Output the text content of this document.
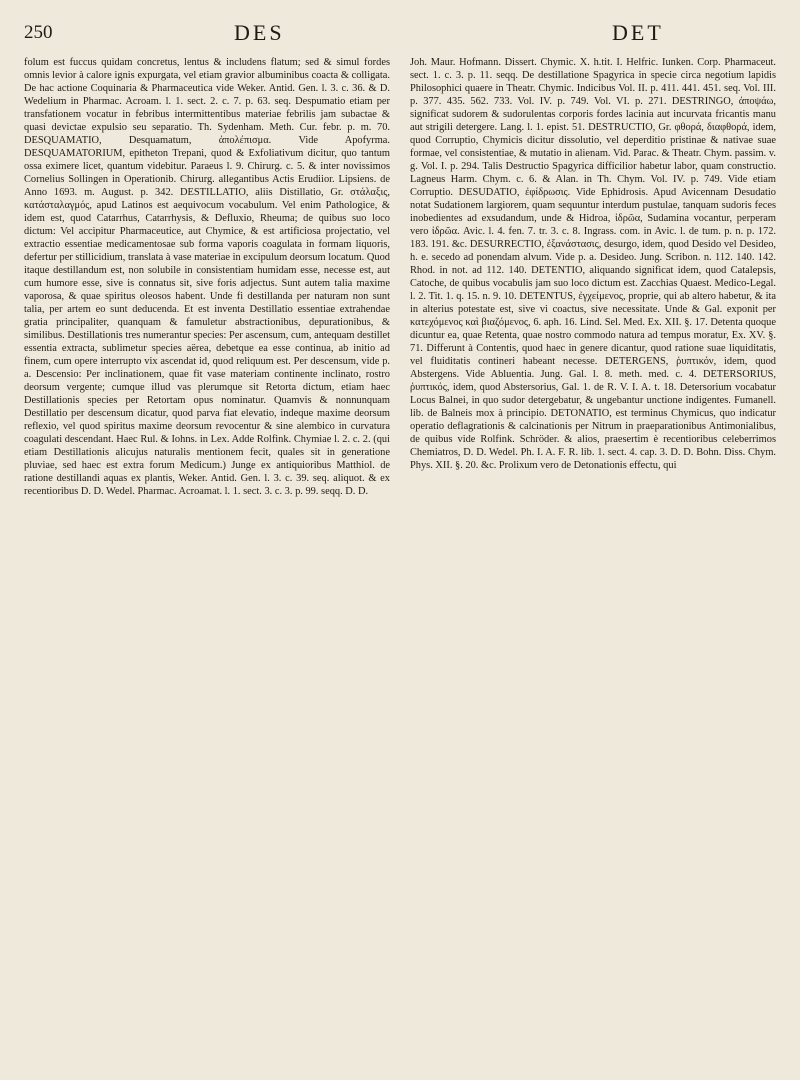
250	DES	DET

folum est fuccus quidam concretus, lentus & includens flatum; sed & simul fordes omnis levior à calore ignis expurgata, vel etiam gravior albuminibus coacta & colligata. De hac actione Coquinaria & Pharmaceutica vide Weker. Antid. Gen. l. 3. c. 36. & D. Wedelium in Pharmac. Acroam. l. 1. sect. 2. c. 7. p. 63. seq. Despumatio etiam per transfationem vocatur in febribus intermittentibus materiae febrilis jam subactae & quasi devictae expulsio seu separatio. Th. Sydenham. Meth. Cur. febr. p. m. 70. DESQUAMATIO, Desquamatum, ἀπολέπισμα. Vide Apofyrma. DESQUAMATORIUM, epitheton Trepani, quod & Exfoliativum dicitur, quo tantum ossa eximere licet, quantum videbitur. Paraeus l. 9. Chirurg. c. 5. & inter novissimos Cornelius Sollingen in Operationib. Chirurg. allegantibus Actis Erudiior. Lipsiens. de Anno 1693. m. August. p. 342. DESTILLATIO, aliis Distillatio, Gr. στάλαξις, κατάσταλαγμός, apud Latinos est aequivocum vocabulum. Vel enim Pathologice, & idem est, quod Catarrhus, Catarrhysis, & Defluxio, Rheuma; de quibus suo loco dictum: Vel accipitur Pharmaceutice, aut Chymice, & est artificiosa projectatio, vel extractio essentiae medicamentosae sub forma vaporis coagulata in formam liquoris, defertur per stillicidium, translata à vase materiae in excipulum deorsum locatum. Quod itaque destillandum est, non solubile in consistentiam humidam esse, necesse est, aut cum humore esse, sive is connatus sit, sive foris adjectus. Sunt autem talia maxime vaporosa, & quae spiritus oleosos habent. Unde fi destillanda per naturam non sunt talia, per artem eo sunt deducenda. Et est inventa Destillatio essentiae extrahendae gratia principaliter, quanquam & famuletur abstractionibus, depurationibus, & similibus. Destillationis tres numerantur species: Per ascensum, cum, antequam destillet essentia extracta, sublimetur species aërea, debetque ea esse continua, ab initio ad finem, cum opere interrupto vix ascendat id, quod reliquum est. Per descensum, vide p. a. Descensio: Per inclinationem, quae fit vase materiam continente inclinato, rostro deorsum vergente; cumque illud vas plerumque sit Retorta dictum, etiam haec Destillationis species per Retortam opus nominatur. Quamvis & nonnunquam Destillatio per descensum dicatur, quod parva fiat elevatio, indeque maxime deorsum reflexio, vel quod spiritus maxime deorsum revocentur & sine alembico in curvatura coagulati descendant. Haec Rul. & Iohns. in Lex. Adde Rolfink. Chymiae l. 2. c. 2. (qui etiam Destillationis alicujus naturalis mentionem fecit, quales sit in generatione pluviae, sed haec est extra forum Medicum.) Junge ex antiquioribus Matthiol. de ratione destillandi aquas ex plantis, Weker. Antid. Gen. l. 3. c. 39. seq. aliquot. & ex recentioribus D. D. Wedel. Pharmac. Acroamat. l. 1. sect. 3. c. 3. p. 99. seqq. D. D.

Joh. Maur. Hofmann. Dissert. Chymic. X. h.tit. I. Helfric. Iunken. Corp. Pharmaceut. sect. 1. c. 3. p. 11. seqq. De destillatione Spagyrica in specie circa negotium lapidis Philosophici quaere in Theatr. Chymic. Indicibus Vol. II. p. 411. 441. 451. seq. Vol. III. p. 377. 435. 562. 733. Vol. IV. p. 749. Vol. VI. p. 271. DESTRINGO, ἀποψάω, significat sudorem & sudorulentas corporis fordes lacinia aut incurvata fricantis manu aut strigili detergere. Lang. l. 1. epist. 51. DESTRUCTIO, Gr. φθορά, διαφθορά, idem, quod Corruptio, Chymicis dicitur dissolutio, vel deperditio pristinae & nativae suae formae, vel consistentiae, & mutatio in alienam. Vid. Parac. & Theatr. Chym. passim. v. g. Vol. I. p. 294. Talis Destructio Spagyrica difficilior habetur labor, quam constructio. Lagneus Harm. Chym. c. 6. & Alan. in Th. Chym. Vol. IV. p. 749. Vide etiam Corruptio. DESUDATIO, ἐφίδρωσις. Vide Ephidrosis. Apud Avicennam Desudatio notat Sudationem largiorem, quam sequuntur interdum pustulae, tanquam sudoris feces inobedientes ad exsudandum, unde & Hidroa, ἱδρῶα, Sudamina vocantur, perperam vero ἰδρῶα. Avic. l. 4. fen. 7. tr. 3. c. 8. Ingrass. com. in Avic. l. de tum. p. n. p. 172. 183. 191. &c. DESURRECTIO, ἐξανάστασις, desurgo, idem, quod Desido vel Desideo, h. e. secedo ad ponendam alvum. Vide p. a. Desideo. Jung. Scribon. n. 112. 140. 142. Rhod. in not. ad 112. 140. DETENTIO, aliquando significat idem, quod Catalepsis, Catoche, de quibus vocabulis jam suo loco dictum est. Zacchias Quaest. Medico-Legal. l. 2. Tit. 1. q. 15. n. 9. 10. DETENTUS, ἐγχείμενος, proprie, qui ab altero habetur, & ita in alterius potestate est, sive vi coactus, sive necessitate. Unde & Gal. exponit per κατεχόμενος καὶ βιαζόμενος, 6. aph. 16. Lind. Sel. Med. Ex. XII. §. 17. Detenta quoque dicuntur ea, quae Retenta, quae nostro commodo natura ad tempus moratur, Ex. XV. §. 71. Differunt à Contentis, quod haec in genere dicantur, quod ratione suae liquiditatis, vel fluiditatis contineri habeant necesse. DETERGENS, ῥυπτικόν, idem, quod Abstergens. Vide Abluentia. Jung. Gal. l. 8. meth. med. c. 4. DETERSORIUS, ῥυπτικός, idem, quod Abstersorius, Gal. 1. de R. V. I. A. t. 18. Detersorium vocabatur Locus Balnei, in quo sudor detergebatur, & ungebantur unctione indigentes. Fumanell. lib. de Balneis mox à principio. DETONATIO, est terminus Chymicus, quo indicatur operatio deflagrationis & calcinationis per Nitrum in praeparationibus Antimonialibus, de quibus vide Rolfink. Schröder. & alios, praesertim è recentioribus celeberrimos Chemiatros, D. D. Wedel. Ph. I. A. F. R. lib. 1. sect. 4. cap. 3. D. D. Bohn. Diss. Chym. Phys. XII. §. 20. &c. Prolixum vero de Detonationis effectu, qui
